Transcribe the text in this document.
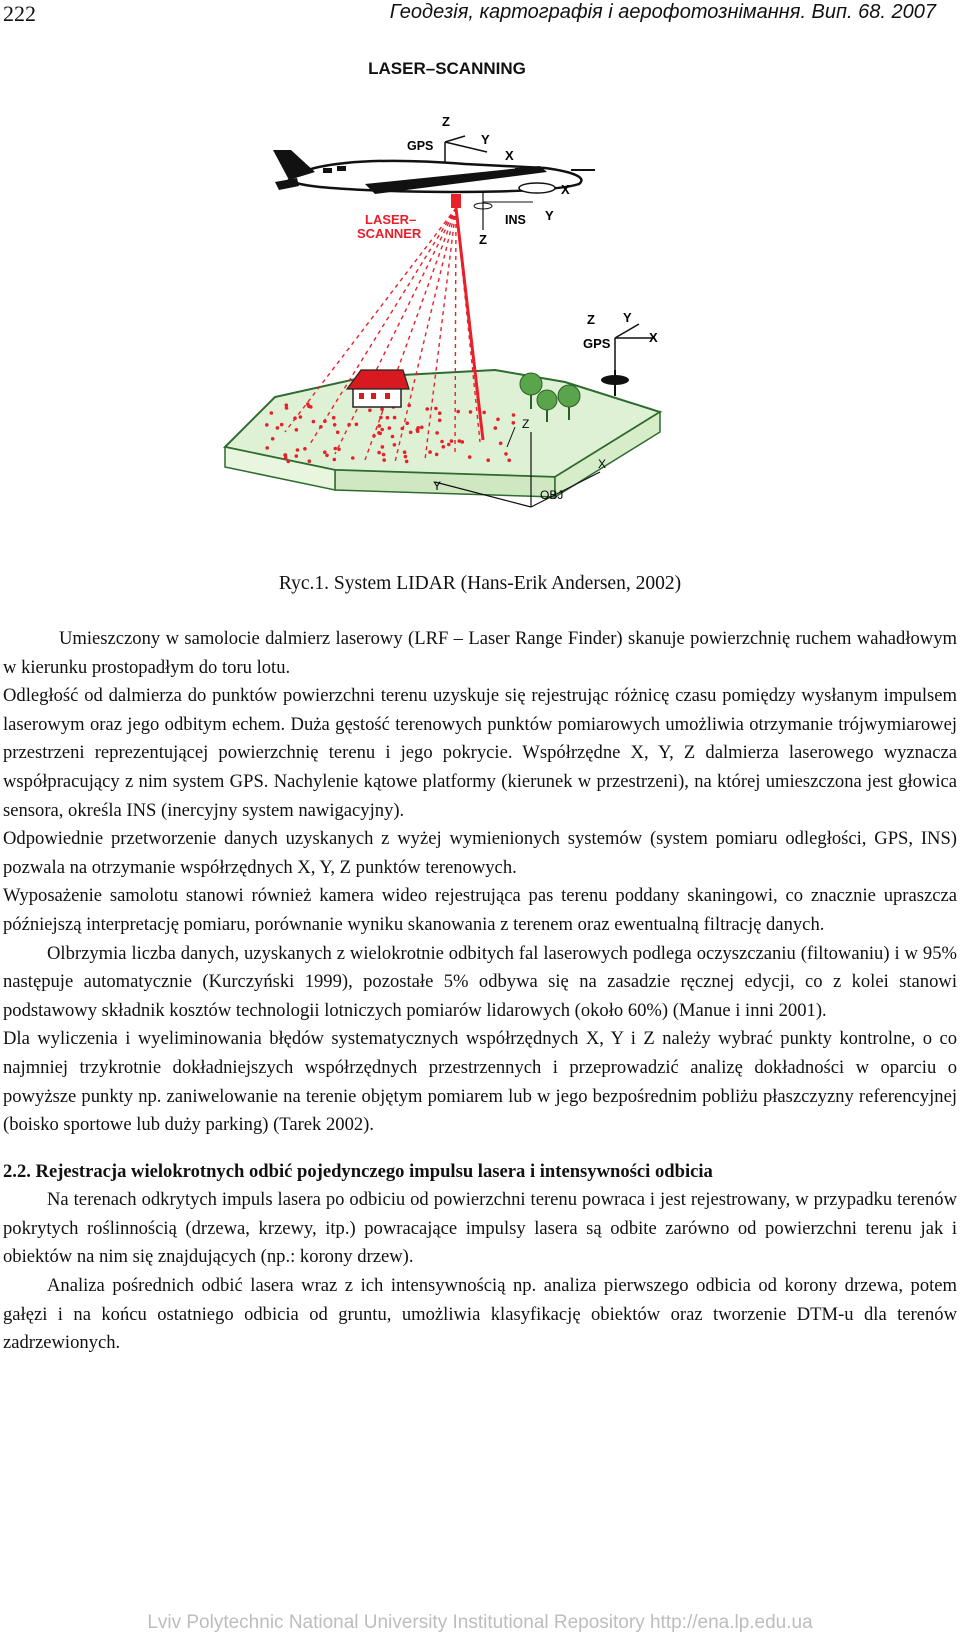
222	Геодезія, картографія і аерофотознімання. Вип. 68. 2007
LASER–SCANNING
GPS
Z Y
X
Z
Y
X
OBJ
GPS
Z
Y
X
X
INS Y
Z
LASER–
SCANNER
Ryc.1. System LIDAR (Hans-Erik Andersen, 2002)

Umieszczony w samolocie dalmierz laserowy (LRF – Laser Range Finder) skanuje powierzchnię ruchem wahadłowym w kierunku prostopadłym do toru lotu.

Odległość od dalmierza do punktów powierzchni terenu uzyskuje się rejestrując różnicę czasu pomiędzy wysłanym impulsem laserowym oraz jego odbitym echem. Duża gęstość terenowych punktów pomiarowych umożliwia otrzymanie trójwymiarowej przestrzeni reprezentującej powierzchnię terenu i jego pokrycie. Współrzędne X, Y, Z dalmierza laserowego wyznacza współpracujący z nim system GPS. Nachylenie kątowe platformy (kierunek w przestrzeni), na której umieszczona jest głowica sensora, określa INS (inercyjny system nawigacyjny).

Odpowiednie przetworzenie danych uzyskanych z wyżej wymienionych systemów (system pomiaru odległości, GPS, INS) pozwala na otrzymanie współrzędnych X, Y, Z punktów terenowych.

Wyposażenie samolotu stanowi również kamera wideo rejestrująca pas terenu poddany skaningowi, co znacznie upraszcza późniejszą interpretację pomiaru, porównanie wyniku skanowania z terenem oraz ewentualną filtrację danych.

Olbrzymia liczba danych, uzyskanych z wielokrotnie odbitych fal laserowych podlega oczyszczaniu (filtowaniu) i w 95% następuje automatycznie (Kurczyński 1999), pozostałe 5% odbywa się na zasadzie ręcznej edycji, co z kolei stanowi podstawowy składnik kosztów technologii lotniczych pomiarów lidarowych (około 60%) (Manue i inni 2001).

Dla wyliczenia i wyeliminowania błędów systematycznych współrzędnych X, Y i Z należy wybrać punkty kontrolne, o co najmniej trzykrotnie dokładniejszych współrzędnych przestrzennych i przeprowadzić analizę dokładności w oparciu o powyższe punkty np. zaniwelowanie na terenie objętym pomiarem lub w jego bezpośrednim pobliżu płaszczyzny referencyjnej (boisko sportowe lub duży parking) (Tarek 2002).

2.2. Rejestracja wielokrotnych odbić pojedynczego impulsu lasera i intensywności odbicia

Na terenach odkrytych impuls lasera po odbiciu od powierzchni terenu powraca i jest rejestrowany, w przypadku terenów pokrytych roślinnością (drzewa, krzewy, itp.) powracające impulsy lasera są odbite zarówno od powierzchni terenu jak i obiektów na nim się znajdujących (np.: korony drzew).

Analiza pośrednich odbić lasera wraz z ich intensywnością np. analiza pierwszego odbicia od korony drzewa, potem gałęzi i na końcu ostatniego odbicia od gruntu, umożliwia klasyfikację obiektów oraz tworzenie DTM-u dla terenów zadrzewionych.

Lviv Polytechnic National University Institutional Repository http://ena.lp.edu.ua
